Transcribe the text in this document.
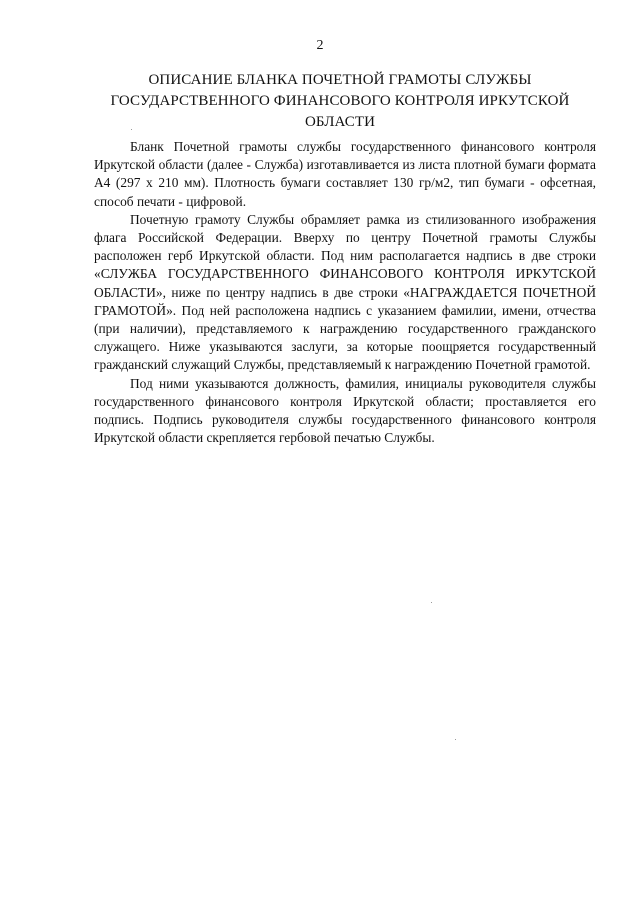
2
ОПИСАНИЕ БЛАНКА ПОЧЕТНОЙ ГРАМОТЫ СЛУЖБЫ
ГОСУДАРСТВЕННОГО ФИНАНСОВОГО КОНТРОЛЯ ИРКУТСКОЙ
ОБЛАСТИ

Бланк Почетной грамоты службы государственного финансового контроля Иркутской области (далее - Служба) изготавливается из листа плотной бумаги формата А4 (297 х 210 мм). Плотность бумаги составляет 130 гр/м2, тип бумаги - офсетная, способ печати - цифровой.

Почетную грамоту Службы обрамляет рамка из стилизованного изображения флага Российской Федерации. Вверху по центру Почетной грамоты Службы расположен герб Иркутской области. Под ним располагается надпись в две строки «СЛУЖБА ГОСУДАРСТВЕННОГО ФИНАНСОВОГО КОНТРОЛЯ ИРКУТСКОЙ ОБЛАСТИ», ниже по центру надпись в две строки «НАГРАЖДАЕТСЯ ПОЧЕТНОЙ ГРАМОТОЙ». Под ней расположена надпись с указанием фамилии, имени, отчества (при наличии), представляемого к награждению государственного гражданского служащего. Ниже указываются заслуги, за которые поощряется государственный гражданский служащий Службы, представляемый к награждению Почетной грамотой.

Под ними указываются должность, фамилия, инициалы руководителя службы государственного финансового контроля Иркутской области; проставляется его подпись. Подпись руководителя службы государственного финансового контроля Иркутской области скрепляется гербовой печатью Службы.
